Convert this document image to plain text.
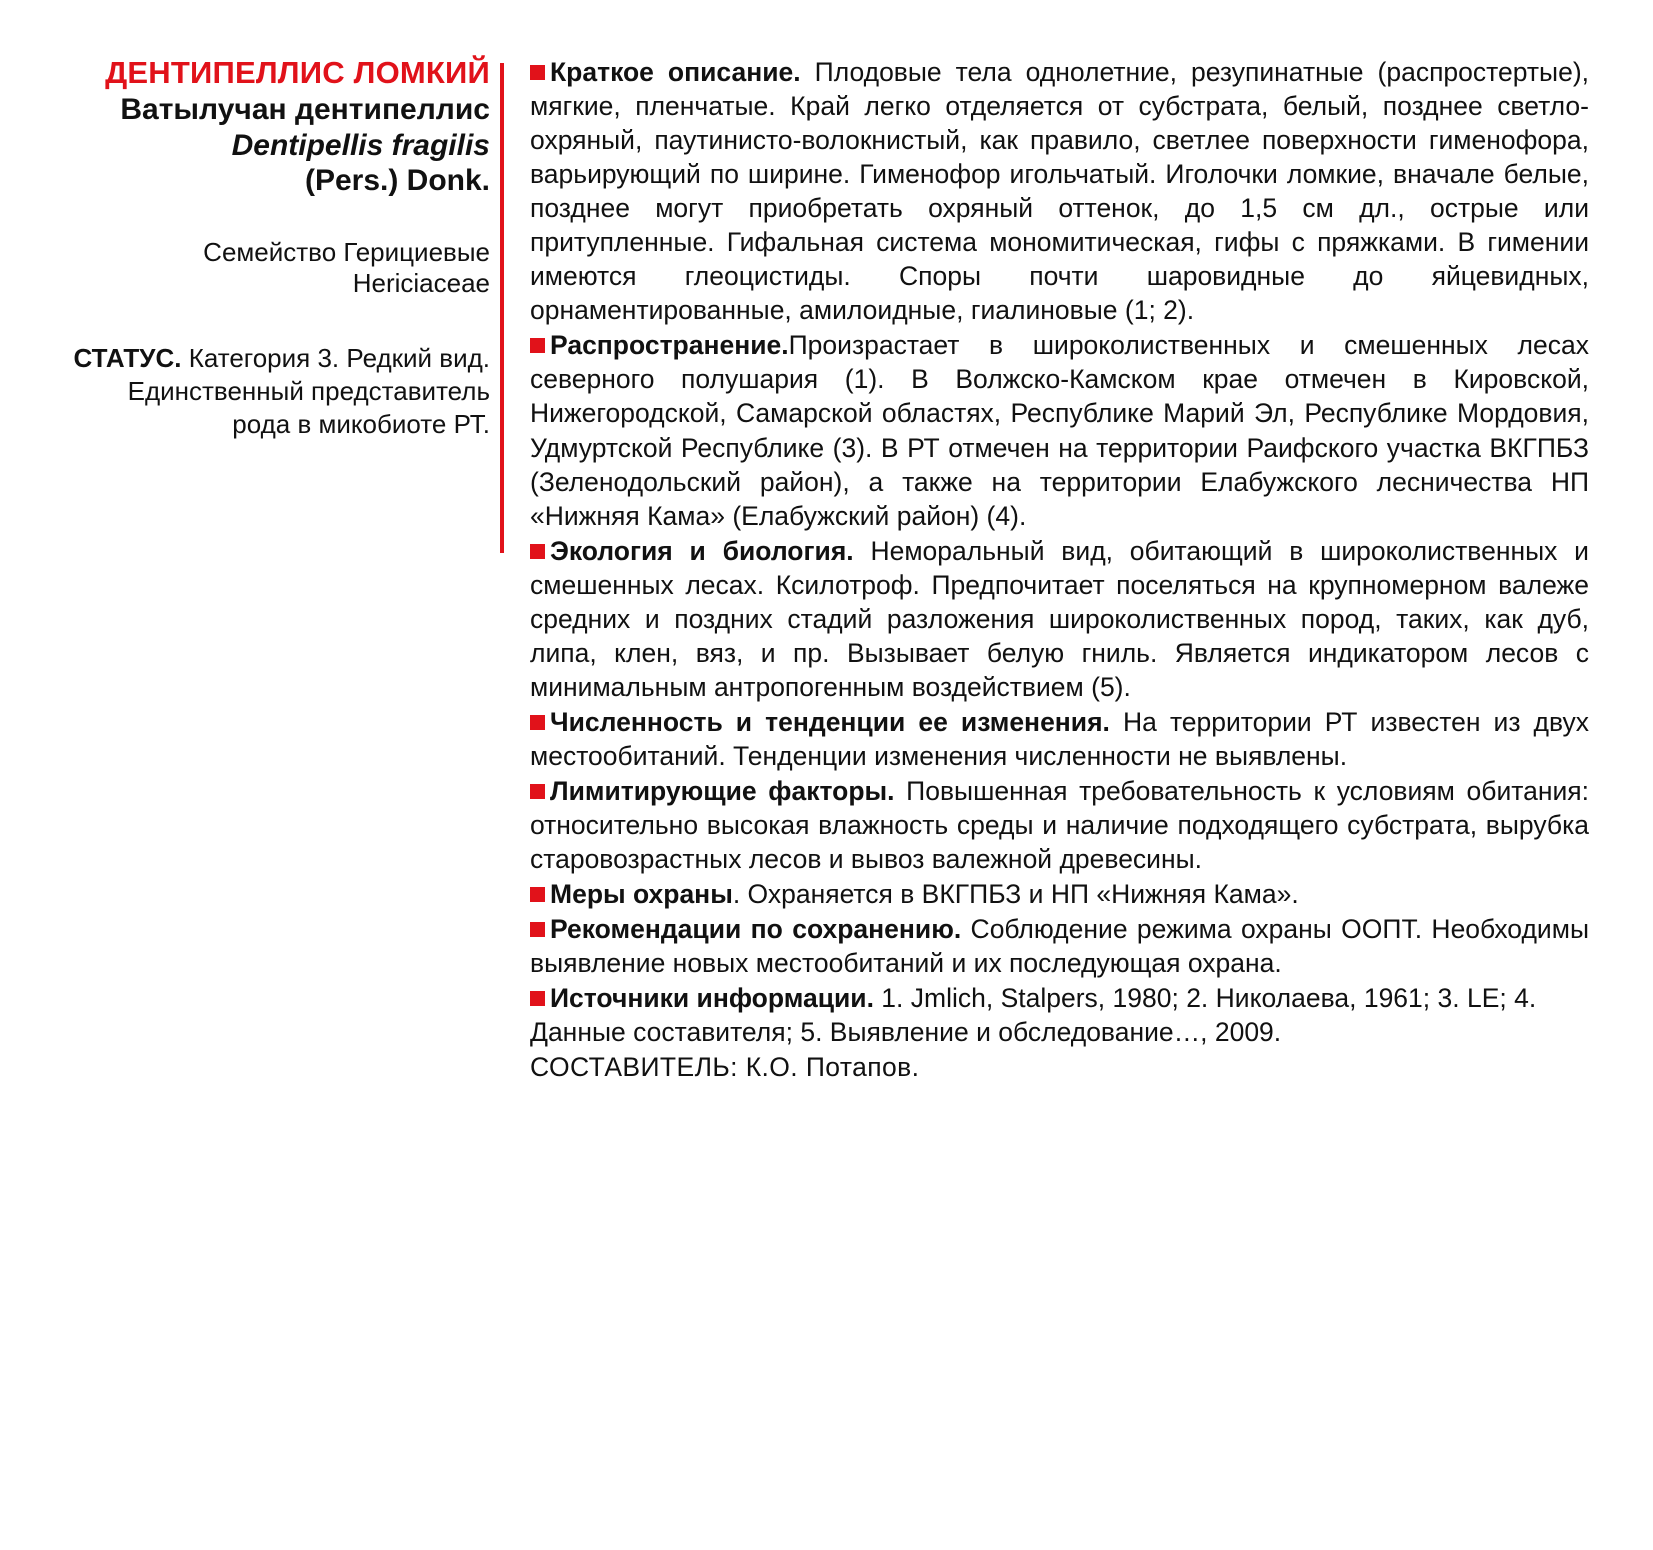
ДЕНТИПЕЛЛИС ЛОМКИЙ
Ватылучан дентипеллис
Dentipellis fragilis
(Pers.) Donk.
Семейство Герициевые
Hericiaceae
СТАТУС. Категория 3. Редкий вид. Единственный представитель рода в микобиоте РТ.

Краткое описание. Плодовые тела однолетние, резупинатные (распростертые), мягкие, пленчатые. Край легко отделяется от субстрата, белый, позднее светло-охряный, паутинисто-волокнистый, как правило, светлее поверхности гименофора, варьирующий по ширине. Гименофор игольчатый. Иголочки ломкие, вначале белые, позднее могут приобретать охряный оттенок, до 1,5 см дл., острые или притупленные. Гифальная система мономитическая, гифы с пряжками. В гимении имеются глеоцистиды. Споры почти шаровидные до яйцевидных, орнаментированные, амилоидные, гиалиновые (1; 2).

Распространение.Произрастает в широколиственных и смешенных лесах северного полушария (1). В Волжско-Камском крае отмечен в Кировской, Нижегородской, Самарской областях, Республике Марий Эл, Республике Мордовия, Удмуртской Республике (3). В РТ отмечен на территории Раифского участка ВКГПБЗ (Зеленодольский район), а также на территории Елабужского лесничества НП «Нижняя Кама» (Елабужский район) (4).

Экология и биология. Неморальный вид, обитающий в широколиственных и смешенных лесах. Ксилотроф. Предпочитает поселяться на крупномерном валеже средних и поздних стадий разложения широколиственных пород, таких, как дуб, липа, клен, вяз, и пр. Вызывает белую гниль. Является индикатором лесов с минимальным антропогенным воздействием (5).

Численность и тенденции ее изменения. На территории РТ известен из двух местообитаний. Тенденции изменения численности не выявлены.

Лимитирующие факторы. Повышенная требовательность к условиям обитания: относительно высокая влажность среды и наличие подходящего субстрата, вырубка старовозрастных лесов и вывоз валежной древесины.

Меры охраны. Охраняется в ВКГПБЗ и НП «Нижняя Кама».

Рекомендации по сохранению. Соблюдение режима охраны ООПТ. Необходимы выявление новых местообитаний и их последующая охрана.

Источники информации. 1. Jmlich, Stalpers, 1980; 2. Николаева, 1961; 3. LE; 4. Данные составителя; 5. Выявление и обследование…, 2009.

СОСТАВИТЕЛЬ: К.О. Потапов.
